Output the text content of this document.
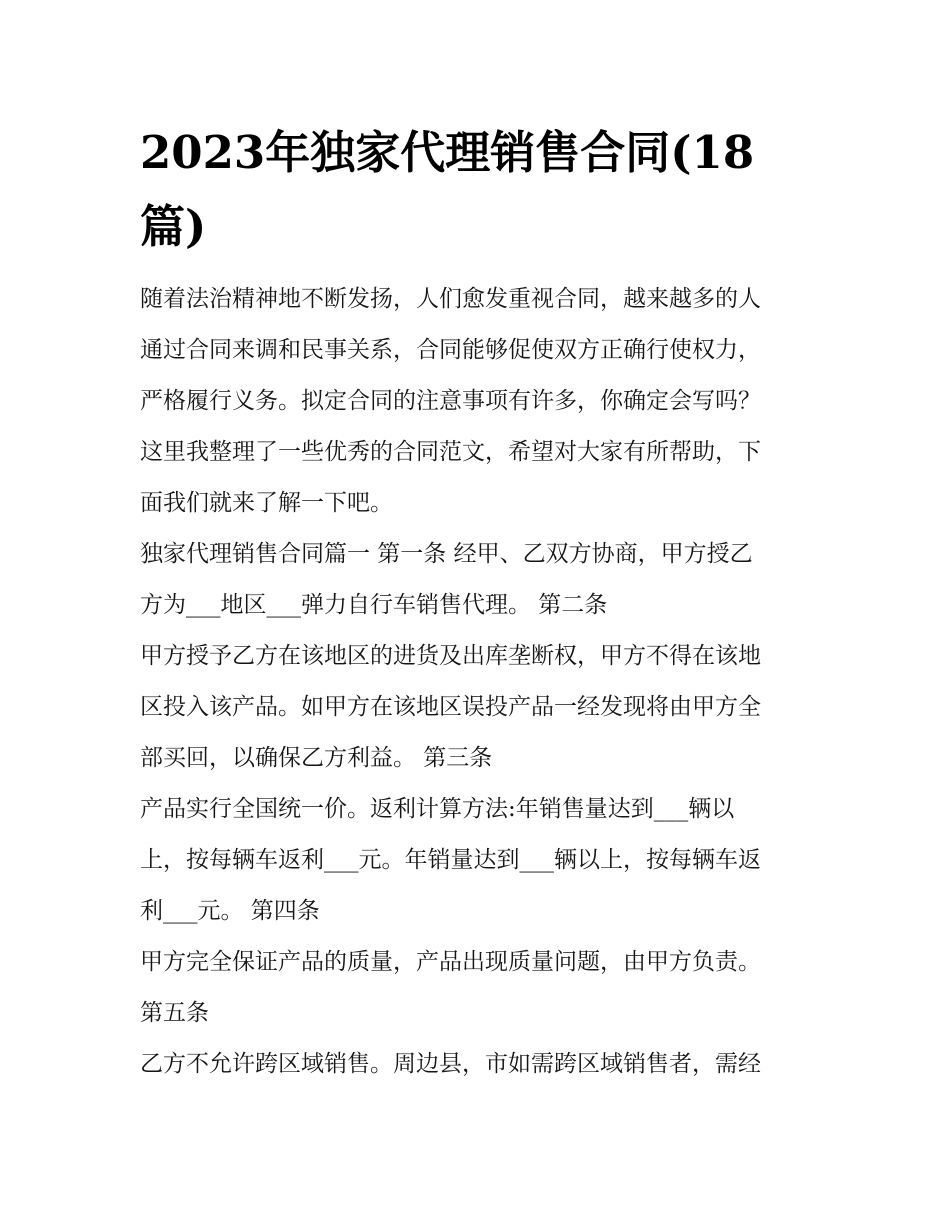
2023年独家代理销售合同(18
篇)
随着法治精神地不断发扬，人们愈发重视合同，越来越多的人
通过合同来调和民事关系，合同能够促使双方正确行使权力，
严格履行义务。拟定合同的注意事项有许多，你确定会写吗？
这里我整理了一些优秀的合同范文，希望对大家有所帮助，下
面我们就来了解一下吧。
独家代理销售合同篇一 第一条 经甲、乙双方协商，甲方授乙
方为___地区___弹力自行车销售代理。 第二条
甲方授予乙方在该地区的进货及出库垄断权，甲方不得在该地
区投入该产品。如甲方在该地区误投产品一经发现将由甲方全
部买回，以确保乙方利益。 第三条
产品实行全国统一价。返利计算方法:年销售量达到___辆以
上，按每辆车返利___元。年销量达到___辆以上，按每辆车返
利___元。 第四条
甲方完全保证产品的质量，产品出现质量问题，由甲方负责。
第五条
乙方不允许跨区域销售。周边县，市如需跨区域销售者，需经
